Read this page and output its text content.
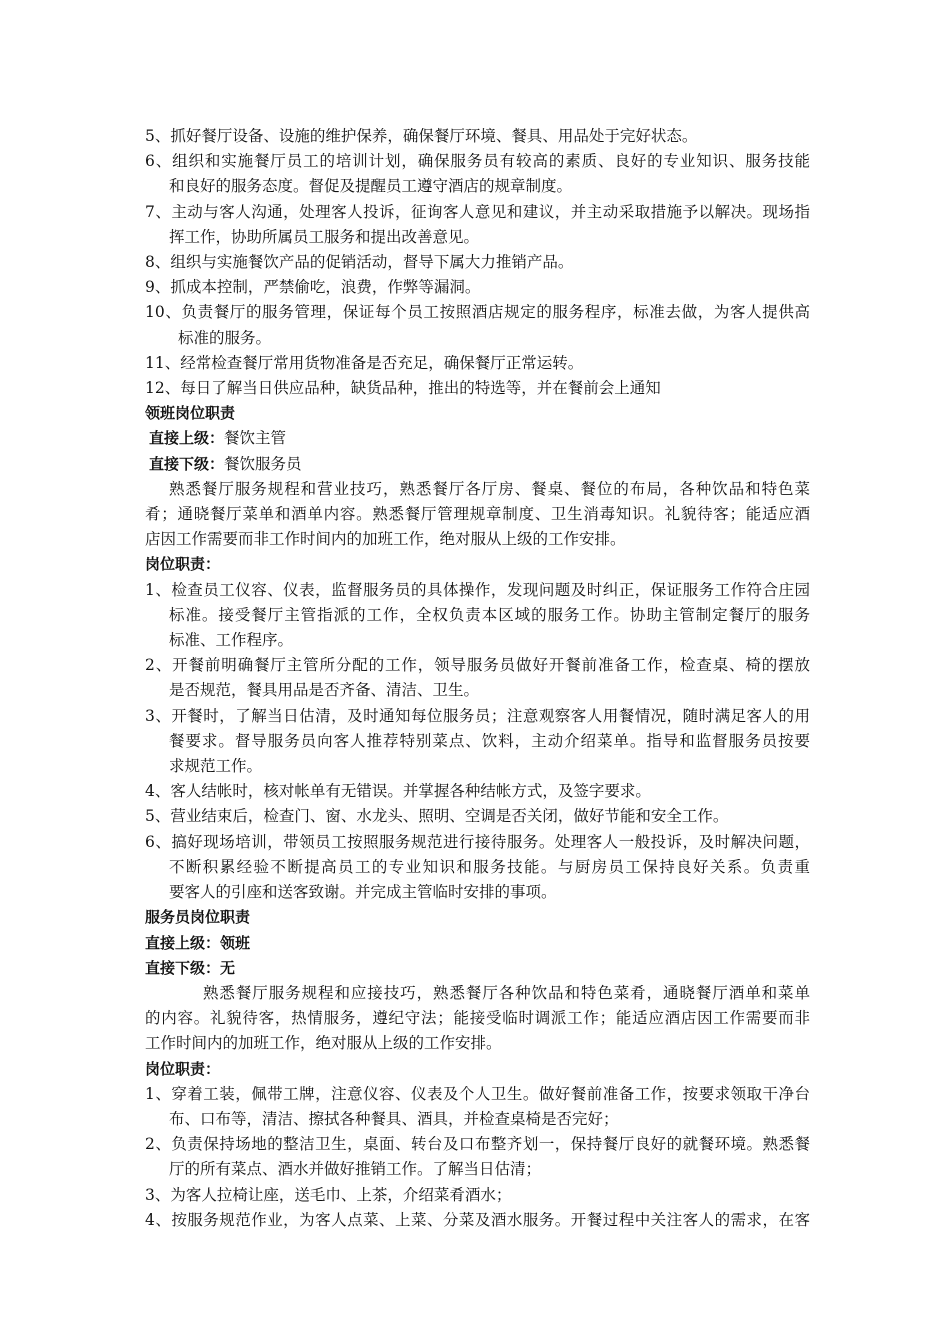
5、抓好餐厅设备、设施的维护保养，确保餐厅环境、餐具、用品处于完好状态。
6、组织和实施餐厅员工的培训计划，确保服务员有较高的素质、良好的专业知识、服务技能
和良好的服务态度。督促及提醒员工遵守酒店的规章制度。
7、主动与客人沟通，处理客人投诉，征询客人意见和建议，并主动采取措施予以解决。现场指
挥工作，协助所属员工服务和提出改善意见。
8、组织与实施餐饮产品的促销活动，督导下属大力推销产品。
9、抓成本控制，严禁偷吃，浪费，作弊等漏洞。
10、负责餐厅的服务管理，保证每个员工按照酒店规定的服务程序，标准去做，为客人提供高
标准的服务。
11、经常检查餐厅常用货物准备是否充足，确保餐厅正常运转。
12、每日了解当日供应品种，缺货品种，推出的特选等，并在餐前会上通知
领班岗位职责
直接上级：餐饮主管
直接下级：餐饮服务员
熟悉餐厅服务规程和营业技巧，熟悉餐厅各厅房、餐桌、餐位的布局，各种饮品和特色菜
肴；通晓餐厅菜单和酒单内容。熟悉餐厅管理规章制度、卫生消毒知识。礼貌待客；能适应酒
店因工作需要而非工作时间内的加班工作，绝对服从上级的工作安排。
岗位职责：
1、检查员工仪容、仪表，监督服务员的具体操作，发现问题及时纠正，保证服务工作符合庄园
标准。接受餐厅主管指派的工作，全权负责本区域的服务工作。协助主管制定餐厅的服务
标准、工作程序。
2、开餐前明确餐厅主管所分配的工作，领导服务员做好开餐前准备工作，检查桌、椅的摆放
是否规范，餐具用品是否齐备、清洁、卫生。
3、开餐时，了解当日估清，及时通知每位服务员；注意观察客人用餐情况，随时满足客人的用
餐要求。督导服务员向客人推荐特别菜点、饮料，主动介绍菜单。指导和监督服务员按要
求规范工作。
4、客人结帐时，核对帐单有无错误。并掌握各种结帐方式，及签字要求。
5、营业结束后，检查门、窗、水龙头、照明、空调是否关闭，做好节能和安全工作。
6、搞好现场培训，带领员工按照服务规范进行接待服务。处理客人一般投诉，及时解决问题，
不断积累经验不断提高员工的专业知识和服务技能。与厨房员工保持良好关系。负责重
要客人的引座和送客致谢。并完成主管临时安排的事项。
服务员岗位职责
直接上级：领班
直接下级：无
熟悉餐厅服务规程和应接技巧，熟悉餐厅各种饮品和特色菜肴，通晓餐厅酒单和菜单
的内容。礼貌待客，热情服务，遵纪守法；能接受临时调派工作；能适应酒店因工作需要而非
工作时间内的加班工作，绝对服从上级的工作安排。
岗位职责：
1、穿着工装，佩带工牌，注意仪容、仪表及个人卫生。做好餐前准备工作，按要求领取干净台
布、口布等，清洁、擦拭各种餐具、酒具，并检查桌椅是否完好；
2、负责保持场地的整洁卫生，桌面、转台及口布整齐划一，保持餐厅良好的就餐环境。熟悉餐
厅的所有菜点、酒水并做好推销工作。了解当日估清；
3、为客人拉椅让座，送毛巾、上茶，介绍菜肴酒水；
4、按服务规范作业，为客人点菜、上菜、分菜及酒水服务。开餐过程中关注客人的需求，在客
